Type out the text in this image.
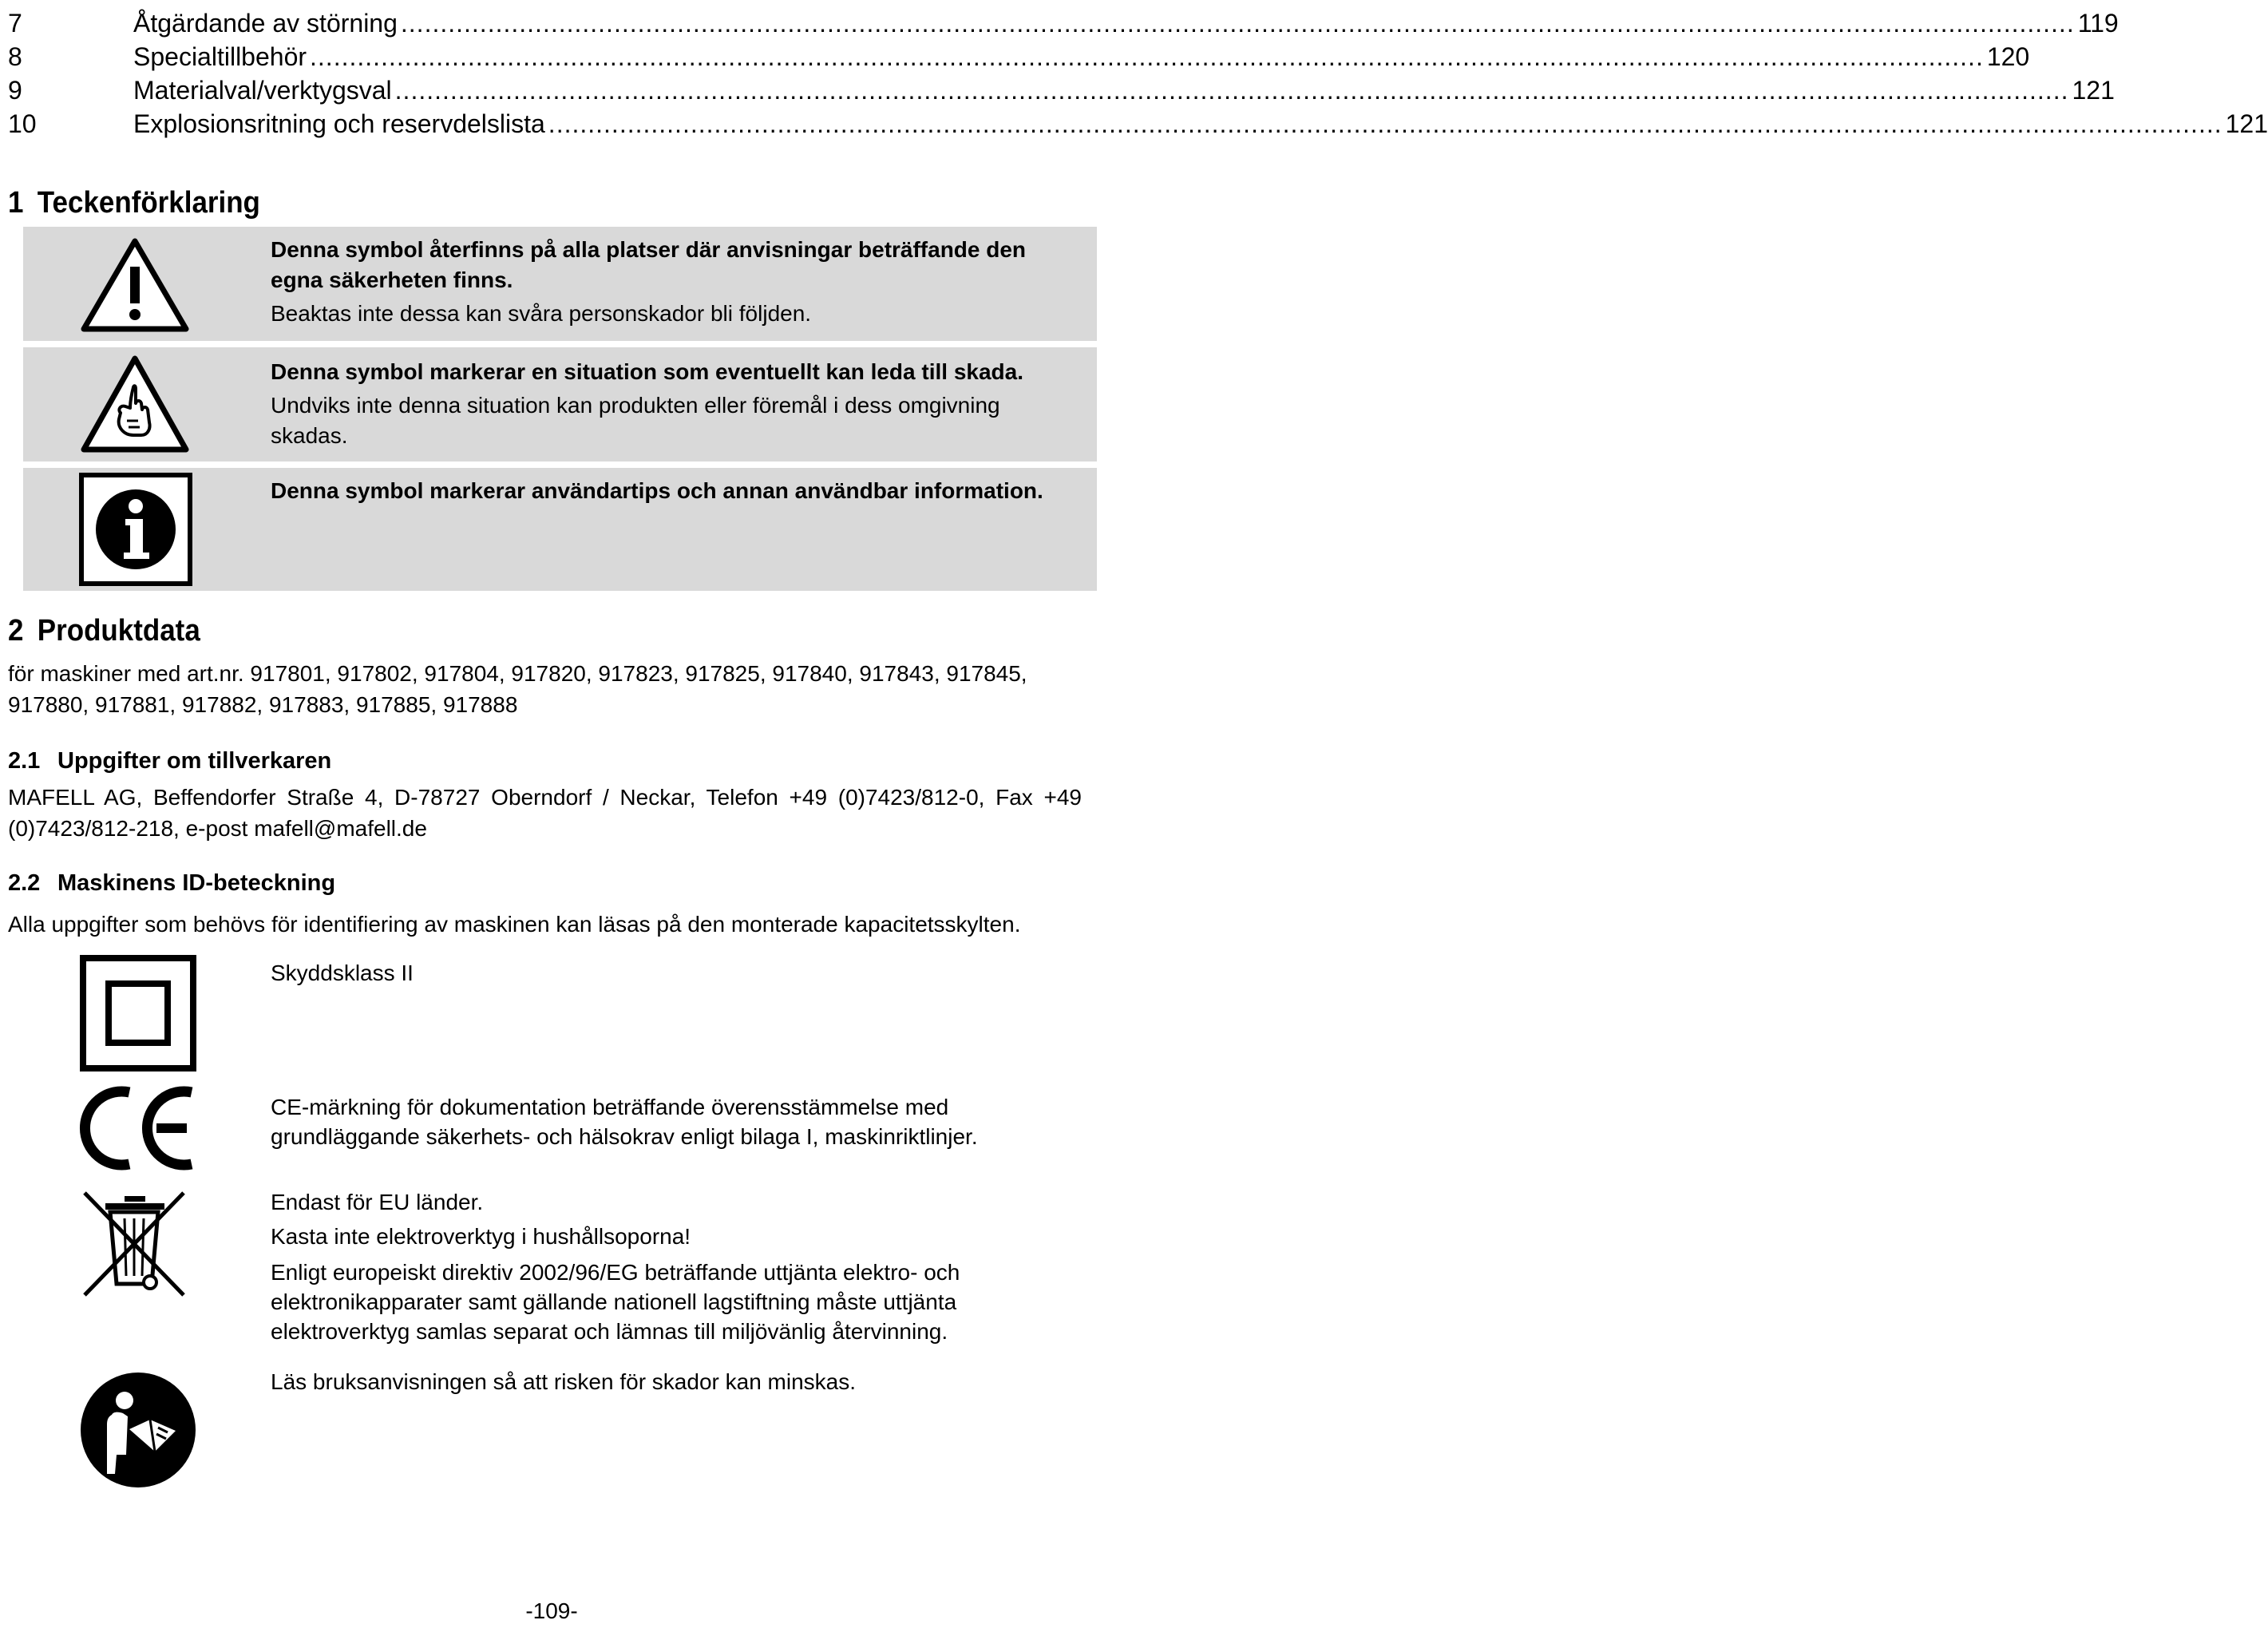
7	Åtgärdande av störning .................................................................................................................................................................................................................... 119
8	Specialtillbehör .................................................................................................................................................................................................................... 120
9	Materialval/verktygsval .................................................................................................................................................................................................................... 121
10	Explosionsritning och reservdelslista .................................................................................................................................................................................................................... 121
1 Teckenförklaring
Denna symbol återfinns på alla platser där anvisningar beträffande den egna säkerheten finns.
Beaktas inte dessa kan svåra personskador bli följden.
Denna symbol markerar en situation som eventuellt kan leda till skada.
Undviks inte denna situation kan produkten eller föremål i dess omgivning skadas.
Denna symbol markerar användartips och annan användbar information.
2 Produktdata
för maskiner med art.nr. 917801, 917802, 917804, 917820, 917823, 917825, 917840, 917843, 917845, 917880, 917881, 917882, 917883, 917885, 917888
2.1 Uppgifter om tillverkaren
MAFELL AG, Beffendorfer Straße 4, D-78727 Oberndorf / Neckar, Telefon +49 (0)7423/812-0, Fax +49 (0)7423/812-218, e-post mafell@mafell.de
2.2 Maskinens ID-beteckning
Alla uppgifter som behövs för identifiering av maskinen kan läsas på den monterade kapacitetsskylten.

Skyddsklass II

CE-märkning för dokumentation beträffande överensstämmelse med grundläggande säkerhets- och hälsokrav enligt bilaga I, maskinriktlinjer.

Endast för EU länder.

Kasta inte elektroverktyg i hushållsoporna!

Enligt europeiskt direktiv 2002/96/EG beträffande uttjänta elektro- och elektronikapparater samt gällande nationell lagstiftning måste uttjänta elektroverktyg samlas separat och lämnas till miljövänlig återvinning.

Läs bruksanvisningen så att risken för skador kan minskas.

-109-
